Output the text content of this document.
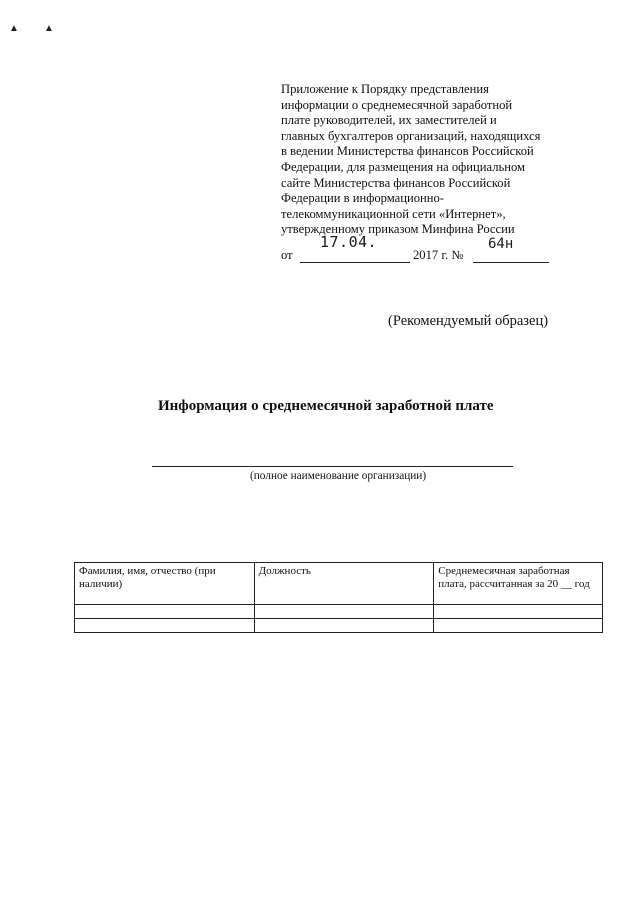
▲	▲
Приложение к Порядку представления
информации о среднемесячной заработной
плате руководителей, их заместителей и
главных бухгалтеров организаций, находящихся
в ведении Министерства финансов Российской
Федерации, для размещения на официальном
сайте Министерства финансов Российской
Федерации в информационно-
телекоммуникационной сети «Интернет»,
утвержденному приказом Минфина России
от
17.04.
2017 г. №
64н
(Рекомендуемый образец)
Информация о среднемесячной заработной плате
(полное наименование организации)
Фамилия, имя, отчество (при наличии)	Должность	Среднемесячная заработная плата, рассчитанная за 20 __ год
